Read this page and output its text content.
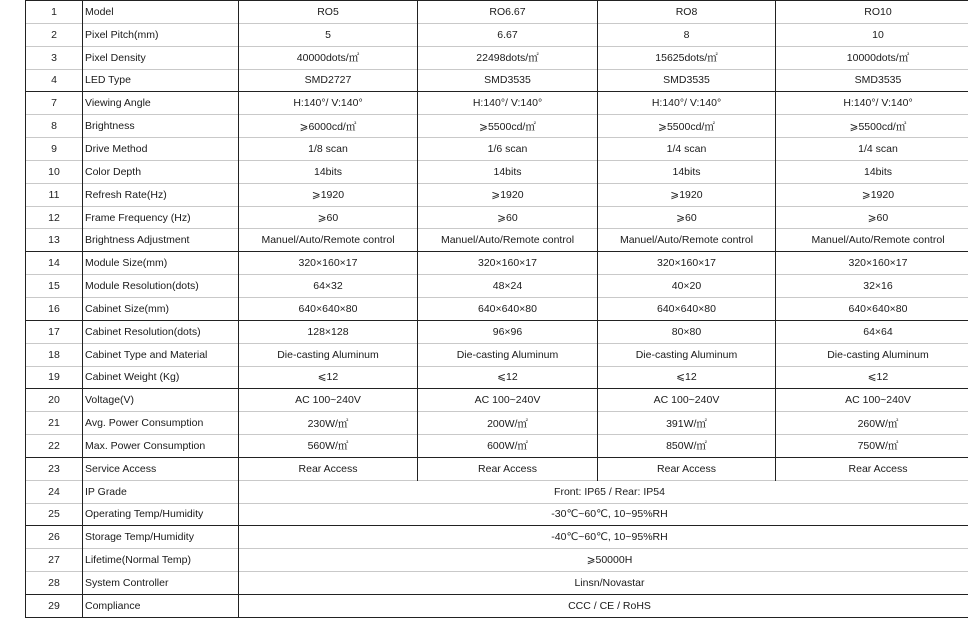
1	Model	RO5	RO6.67	RO8	RO10
2	Pixel Pitch(mm)	5	6.67	8	10
3	Pixel Density	40000dots/㎡	22498dots/㎡	15625dots/㎡	10000dots/㎡
4	LED Type	SMD2727	SMD3535	SMD3535	SMD3535
7	Viewing Angle	H:140°/ V:140°	H:140°/ V:140°	H:140°/ V:140°	H:140°/ V:140°
8	Brightness	⩾6000cd/㎡	⩾5500cd/㎡	⩾5500cd/㎡	⩾5500cd/㎡
9	Drive Method	1/8 scan	1/6 scan	1/4 scan	1/4 scan
10	Color Depth	14bits	14bits	14bits	14bits
11	Refresh Rate(Hz)	⩾1920	⩾1920	⩾1920	⩾1920
12	Frame Frequency (Hz)	⩾60	⩾60	⩾60	⩾60
13	Brightness Adjustment	Manuel/Auto/Remote control	Manuel/Auto/Remote control	Manuel/Auto/Remote control	Manuel/Auto/Remote control
14	Module Size(mm)	320×160×17	320×160×17	320×160×17	320×160×17
15	Module Resolution(dots)	64×32	48×24	40×20	32×16
16	Cabinet Size(mm)	640×640×80	640×640×80	640×640×80	640×640×80
17	Cabinet Resolution(dots)	128×128	96×96	80×80	64×64
18	Cabinet Type and Material	Die-casting Aluminum	Die-casting Aluminum	Die-casting Aluminum	Die-casting Aluminum
19	Cabinet Weight (Kg)	⩽12	⩽12	⩽12	⩽12
20	Voltage(V)	AC 100~240V	AC 100~240V	AC 100~240V	AC 100~240V
21	Avg. Power Consumption	230W/㎡	200W/㎡	391W/㎡	260W/㎡
22	Max. Power Consumption	560W/㎡	600W/㎡	850W/㎡	750W/㎡
23	Service Access	Rear Access	Rear Access	Rear Access	Rear Access
24	IP Grade	Front: IP65 / Rear: IP54			
25	Operating Temp/Humidity	-30℃~60℃, 10~95%RH			
26	Storage Temp/Humidity	-40℃~60℃, 10~95%RH			
27	Lifetime(Normal Temp)	⩾50000H			
28	System Controller	Linsn/Novastar			
29	Compliance	CCC / CE / RoHS			
